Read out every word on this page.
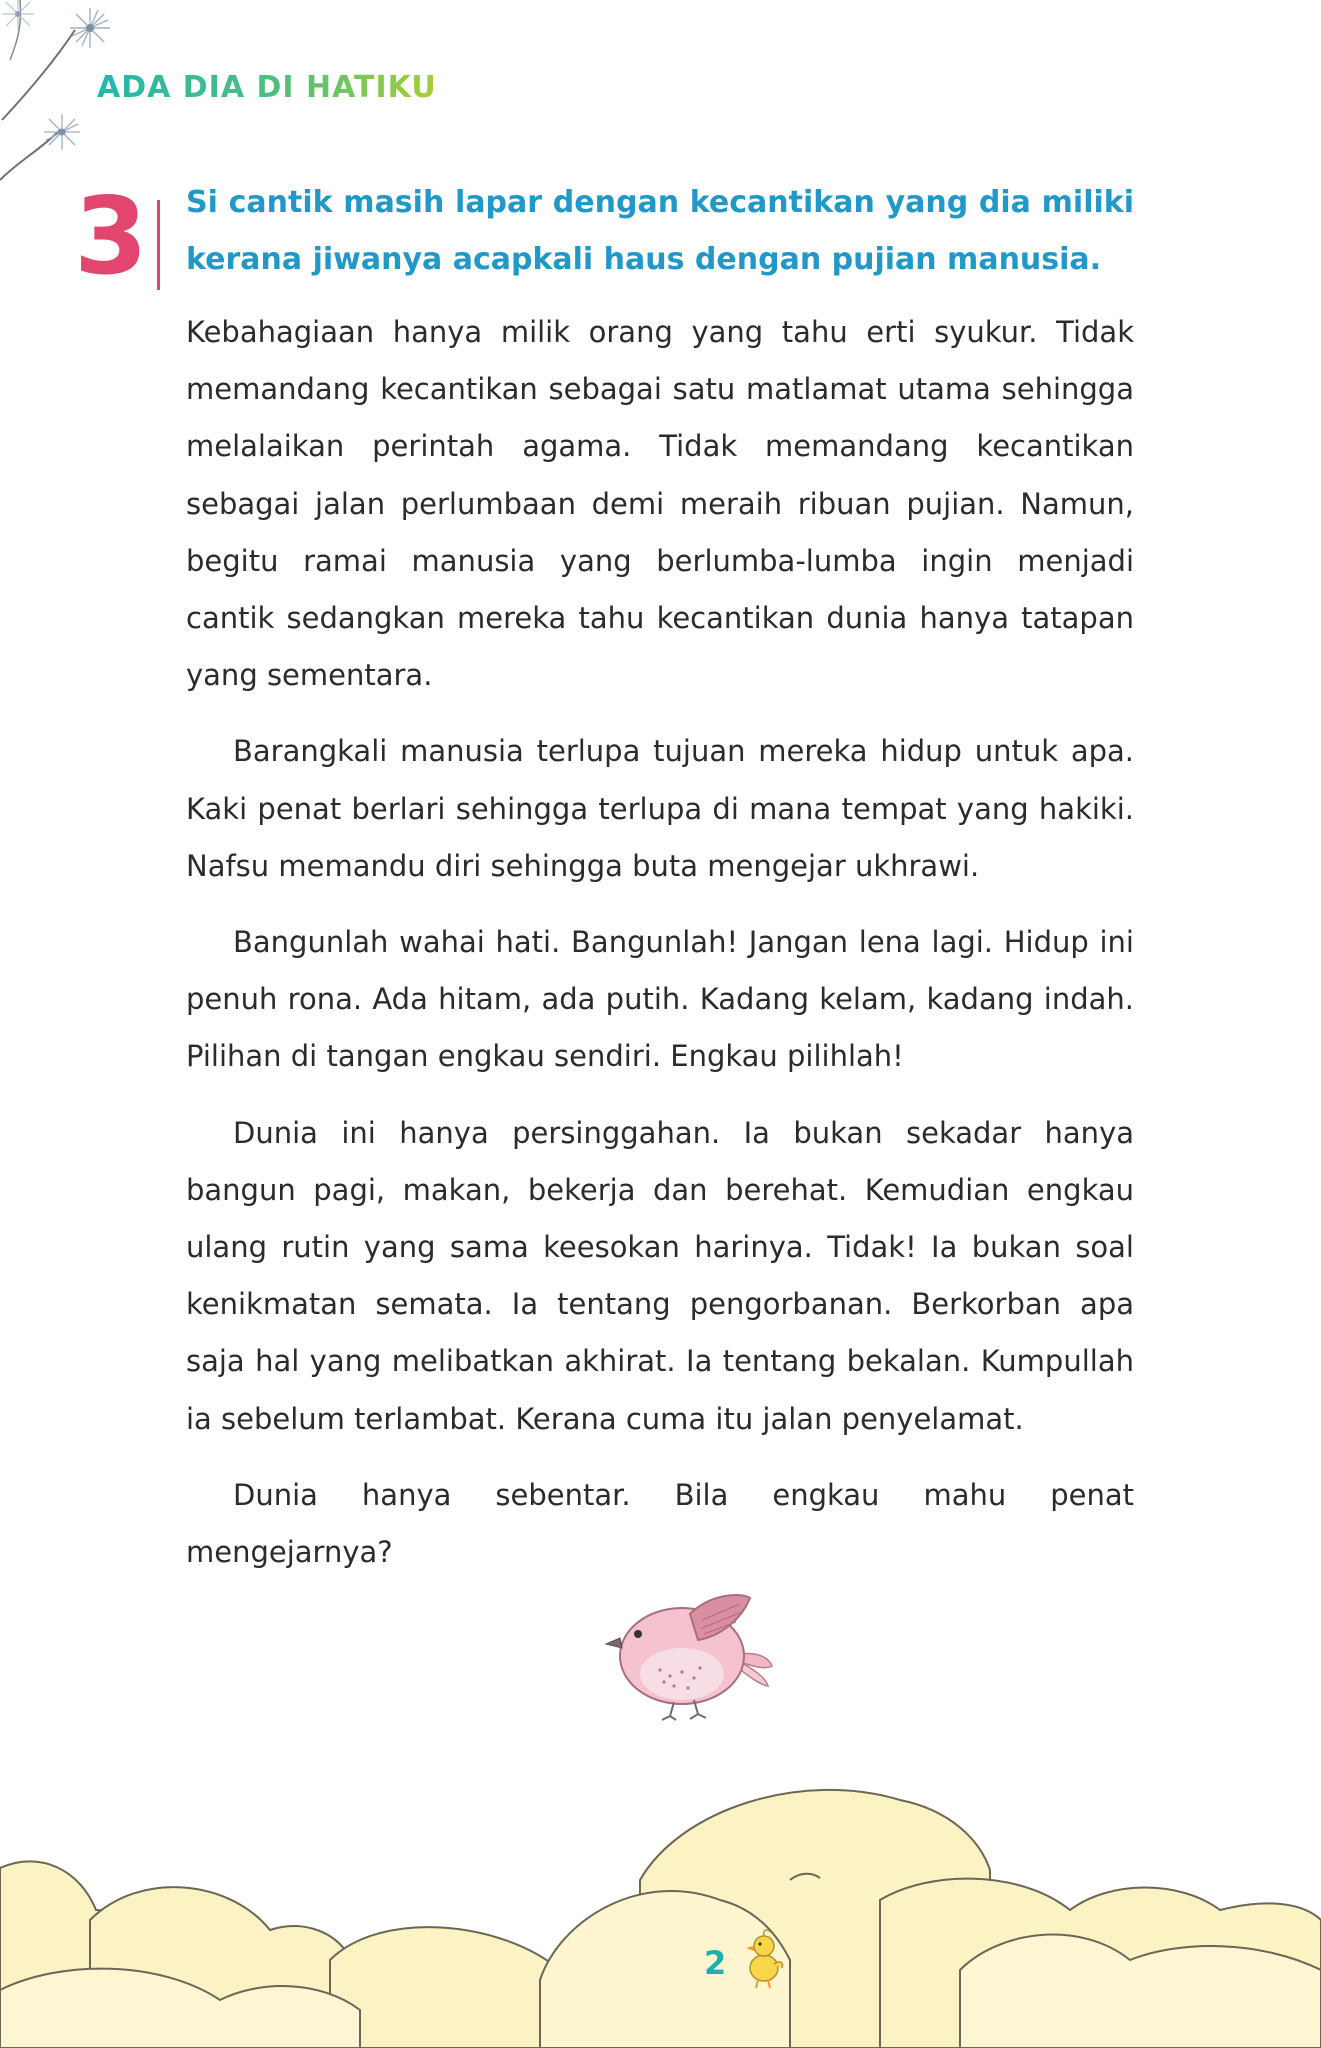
ADA DIA DI HATIKU
3 Si cantik masih lapar dengan kecantikan yang dia miliki kerana jiwanya acapkali haus dengan pujian manusia.

Kebahagiaan hanya milik orang yang tahu erti syukur. Tidak memandang kecantikan sebagai satu matlamat utama sehingga melalaikan perintah agama. Tidak memandang kecantikan sebagai jalan perlumbaan demi meraih ribuan pujian. Namun, begitu ramai manusia yang berlumba-lumba ingin menjadi cantik sedangkan mereka tahu kecantikan dunia hanya tatapan yang sementara.

Barangkali manusia terlupa tujuan mereka hidup untuk apa. Kaki penat berlari sehingga terlupa di mana tempat yang hakiki. Nafsu memandu diri sehingga buta mengejar ukhrawi.

Bangunlah wahai hati. Bangunlah! Jangan lena lagi. Hidup ini penuh rona. Ada hitam, ada putih. Kadang kelam, kadang indah. Pilihan di tangan engkau sendiri. Engkau pilihlah!

Dunia ini hanya persinggahan. Ia bukan sekadar hanya bangun pagi, makan, bekerja dan berehat. Kemudian engkau ulang rutin yang sama keesokan harinya. Tidak! Ia bukan soal kenikmatan semata. Ia tentang pengorbanan. Berkorban apa saja hal yang melibatkan akhirat. Ia tentang bekalan. Kumpullah ia sebelum terlambat. Kerana cuma itu jalan penyelamat.

Dunia hanya sebentar. Bila engkau mahu penat mengejarnya?

2
